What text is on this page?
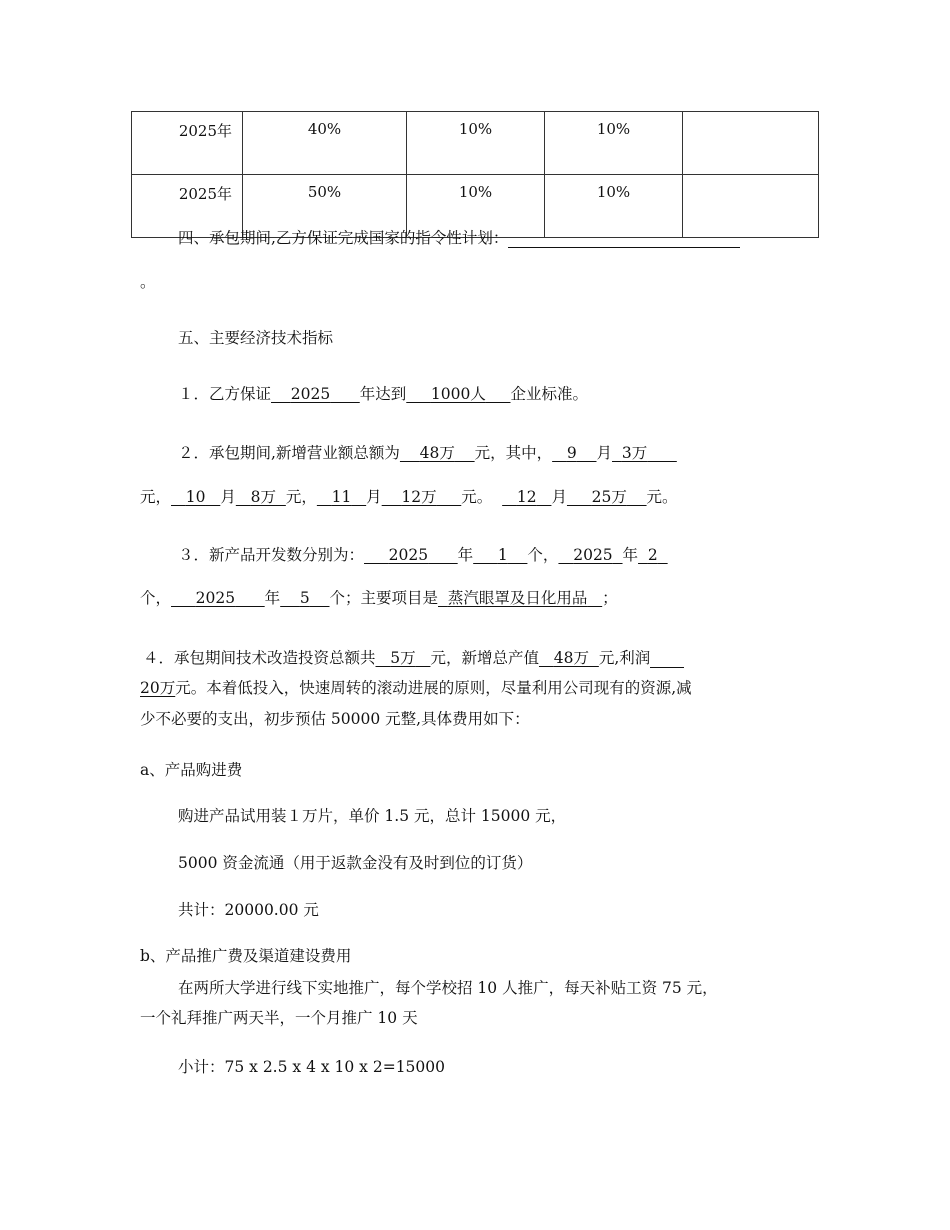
2025年	40%	10%	10%	
2025年	50%	10%	10%	
四、承包期间,乙方保证完成国家的指令性计划：
。
五、主要经济技术指标
１．乙方保证 2025 年达到 1000人 企业标准。
２．承包期间,新增营业额总额为 48万 元，其中， 9 月 3万
元， 10 月 8万 元， 11 月 12万 元。 12 月 25万 元。
３．新产品开发数分别为： 2025 年 1 个， 2025 年 2
个， 2025 年 5 个；主要项目是 蒸汽眼罩及日化用品 ；
４．承包期间技术改造投资总额共 5万 元，新增总产值 48万 元,利润
20万元。本着低投入，快速周转的滚动进展的原则，尽量利用公司现有的资源,减
少不必要的支出，初步预估 50000 元整,具体费用如下：
a、产品购进费
购进产品试用装１万片，单价 1.5 元，总计 15000 元，
5000 资金流通（用于返款金没有及时到位的订货）
共计：20000.00 元
b、产品推广费及渠道建设费用
在两所大学进行线下实地推广，每个学校招 10 人推广，每天补贴工资 75 元，
一个礼拜推广两天半，一个月推广 10 天
小计：75 x 2.5 x 4 x 10 x 2=15000
